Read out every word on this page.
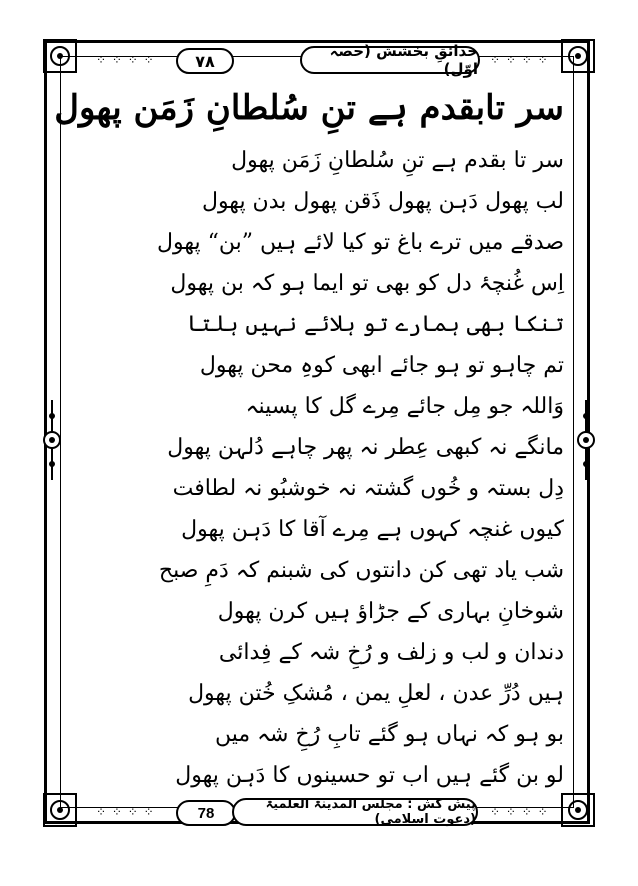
⁘ ⁘ ⁘ ⁘	⁘ ⁘ ⁘ ⁘
⁘ ⁘ ⁘ ⁘	⁘ ⁘ ⁘ ⁘
٧٨
حدائقِ بخشش (حصہ اوّل)
سر تابقدم ہے تنِ سُلطانِ زَمَن پھول
سر تا بقدم ہے تنِ سُلطانِ زَمَن پھول
لب پھول دَہن پھول ذَقن پھول بدن پھول
صدقے میں ترے باغ تو کیا لائے ہیں ”بن“ پھول
اِس غُنچۂ دل کو بھی تو ایما ہو کہ بن پھول
تنکا بھی ہمارے تو ہلائے نہیں ہلتا
تم چاہو تو ہو جائے ابھی کوہِ محن پھول
وَاللہ جو مِل جائے مِرے گل کا پسینہ
مانگے نہ کبھی عِطر نہ پھر چاہے دُلہن پھول
دِل بستہ و خُوں گشتہ نہ خوشبُو نہ لطافت
کیوں غنچہ کہوں ہے مِرے آقا کا دَہن پھول
شب یاد تھی کن دانتوں کی شبنم کہ دَمِ صبح
شوخانِ بہاری کے جڑاؤ ہیں کرن پھول
دندان و لب و زلف و رُخِ شہ کے فِدائی
ہیں دُرِّ عدن ، لعلِ یمن ، مُشکِ خُتن پھول
بو ہو کہ نہاں ہو گئے تابِ رُخِ شہ میں
لو بن گئے ہیں اب تو حسینوں کا دَہن پھول
78	پیش کش : مجلس المدینۃ العلمیۃ (دعوتِ اسلامی)
